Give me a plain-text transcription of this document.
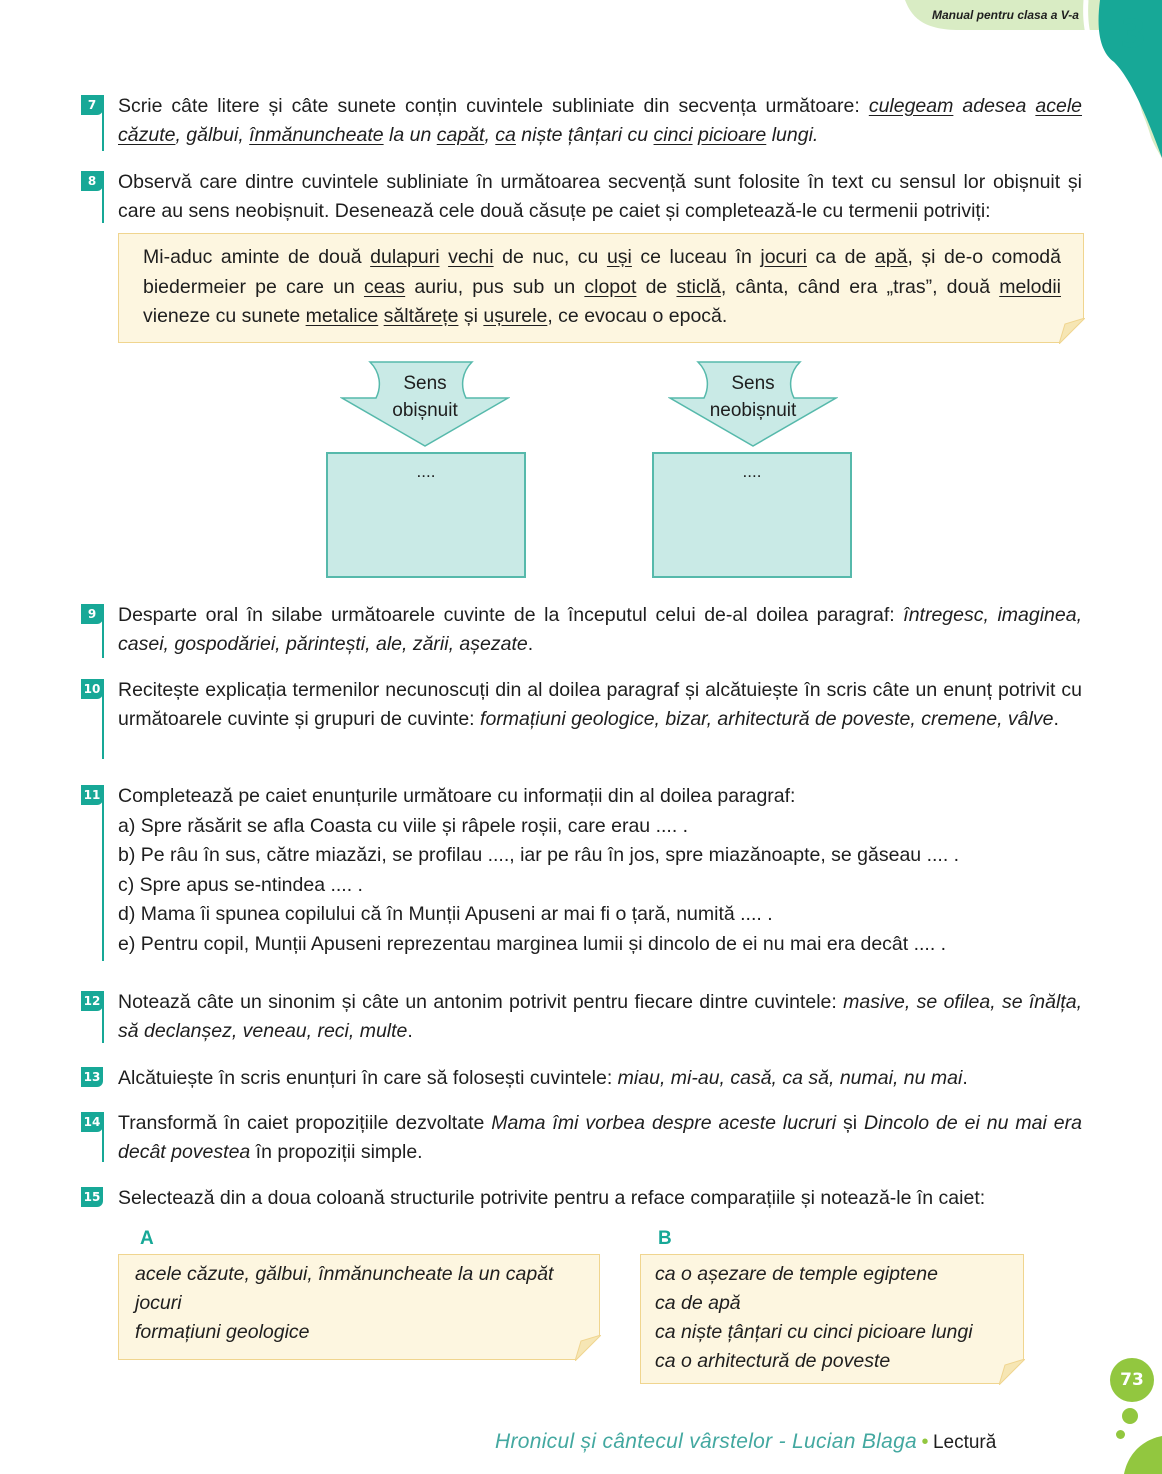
Manual pentru clasa a V-a 3
7	Scrie câte litere și câte sunete conțin cuvintele subliniate din secvența următoare: culegeam adesea acele căzute, gălbui, înmănuncheate la un capăt, ca niște țânțari cu cinci picioare lungi.
8	Observă care dintre cuvintele subliniate în următoarea secvență sunt folosite în text cu sensul lor obișnuit și care au sens neobișnuit. Desenează cele două căsuțe pe caiet și completează-le cu termenii potriviți:
Mi-aduc aminte de două dulapuri vechi de nuc, cu uși ce luceau în jocuri ca de apă, și de-o comodă biedermeier pe care un ceas auriu, pus sub un clopot de sticlă, cânta, când era „tras”, două melodii vieneze cu sunete metalice săltărețe și ușurele, ce evocau o epocă.
Sens
obișnuit
....
Sens
neobișnuit
....
9	Desparte oral în silabe următoarele cuvinte de la începutul celui de-al doilea paragraf: întregesc, imaginea, casei, gospodăriei, părintești, ale, zării, așezate.
10 Recitește explicația termenilor necunoscuți din al doilea paragraf și alcătuiește în scris câte un enunț potrivit cu următoarele cuvinte și grupuri de cuvinte: formațiuni geologice, bizar, arhitectură de poveste, cremene, vâlve.
11 Completează pe caiet enunțurile următoare cu informații din al doilea paragraf:
a) Spre răsărit se afla Coasta cu viile și râpele roșii, care erau .... .
b) Pe râu în sus, către miazăzi, se profilau ...., iar pe râu în jos, spre miazănoapte, se găseau .... .
c) Spre apus se-ntindea .... .
d) Mama îi spunea copilului că în Munții Apuseni ar mai fi o țară, numită .... .
e) Pentru copil, Munții Apuseni reprezentau marginea lumii și dincolo de ei nu mai era decât .... .
12 Notează câte un sinonim și câte un antonim potrivit pentru fiecare dintre cuvintele: masive, se ofilea, se înălța, să declanșez, veneau, reci, multe.
13 Alcătuiește în scris enunțuri în care să folosești cuvintele: miau, mi-au, casă, ca să, numai, nu mai.
14 Transformă în caiet propozițiile dezvoltate Mama îmi vorbea despre aceste lucruri și Dincolo de ei nu mai era decât povestea în propoziții simple.
15 Selectează din a doua coloană structurile potrivite pentru a reface comparațiile și notează-le în caiet:
A	B
acele căzute, gălbui, înmănuncheate la un capăt
jocuri
formațiuni geologice
ca o așezare de temple egiptene
ca de apă
ca niște țânțari cu cinci picioare lungi
ca o arhitectură de poveste
73
Hronicul și cântecul vârstelor - Lucian Blaga • Lectură
